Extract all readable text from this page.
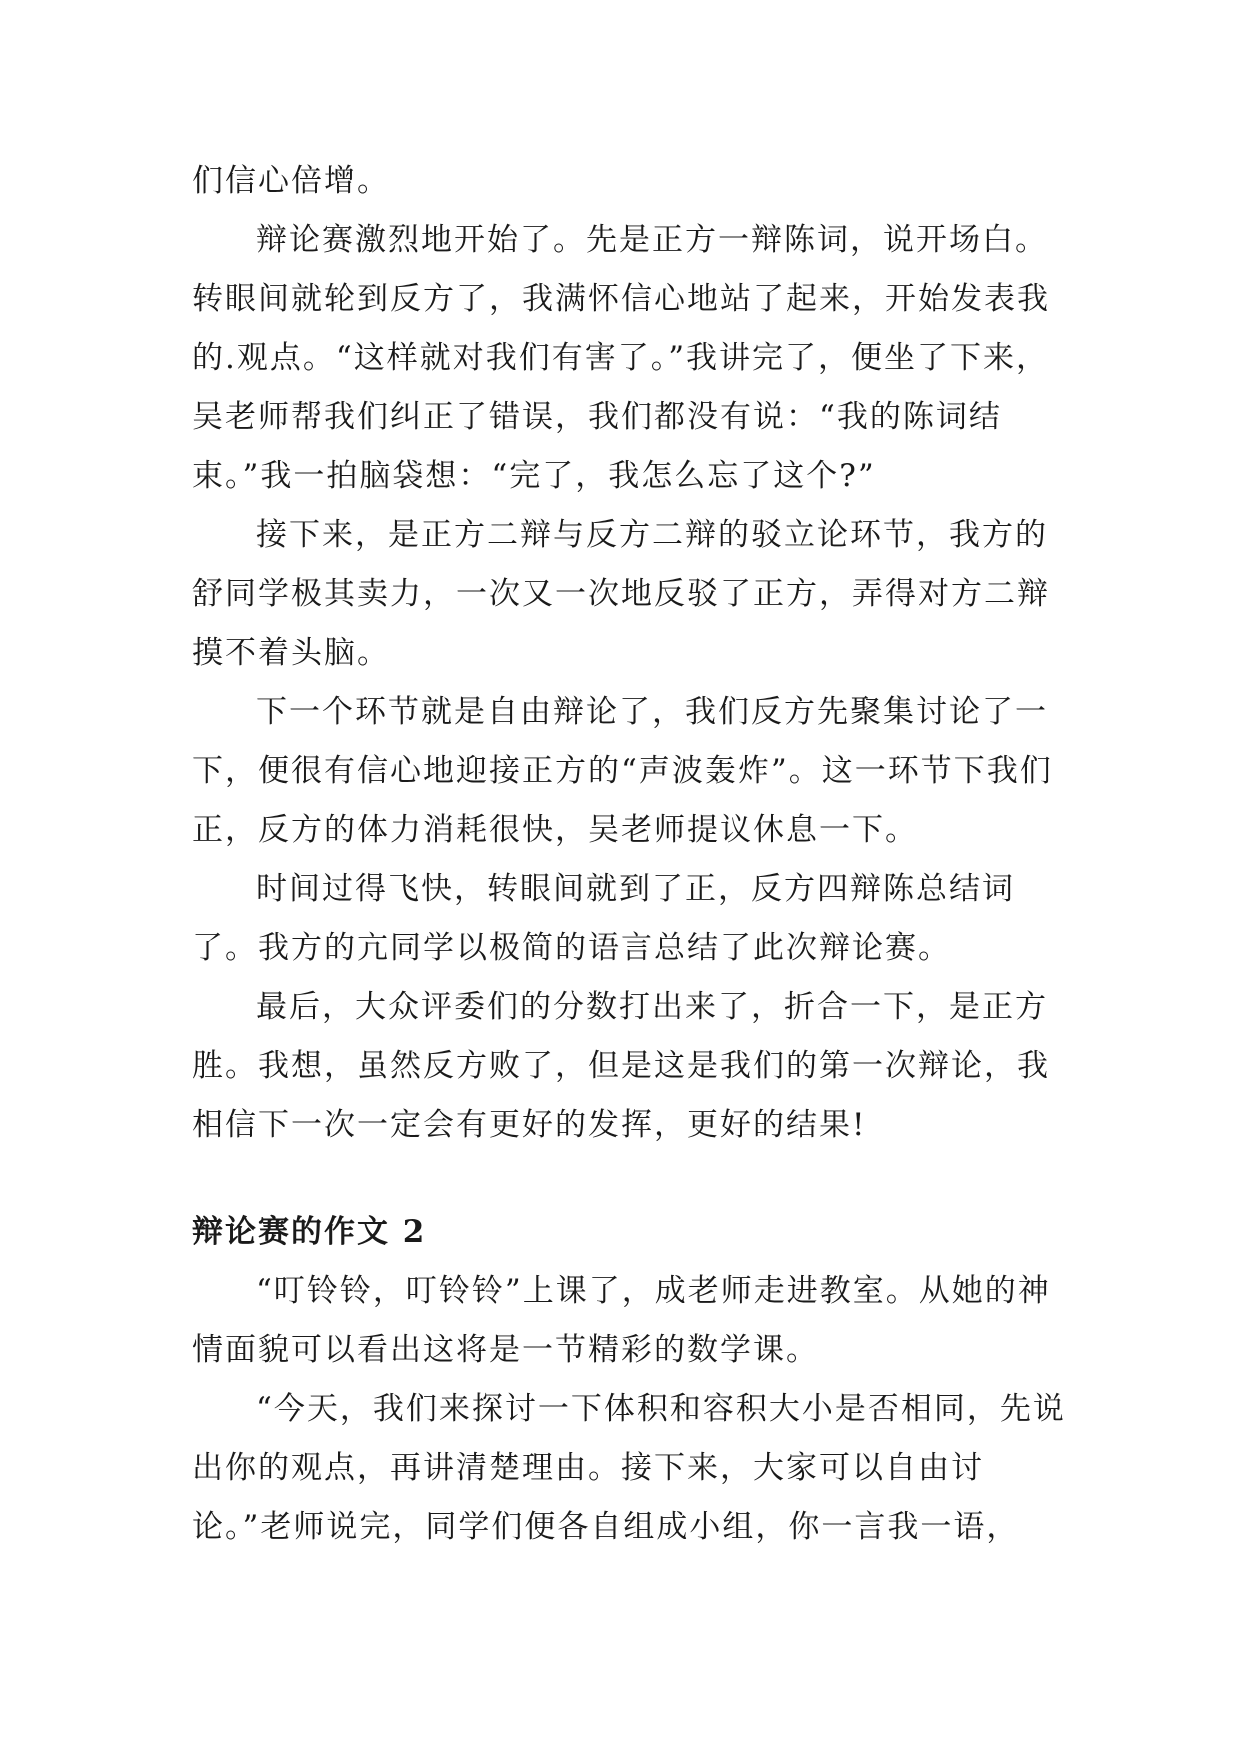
们信心倍增。

辩论赛激烈地开始了。先是正方一辩陈词，说开场白。转眼间就轮到反方了，我满怀信心地站了起来，开始发表我的.观点。“这样就对我们有害了。”我讲完了，便坐了下来，吴老师帮我们纠正了错误，我们都没有说：“我的陈词结束。”我一拍脑袋想：“完了，我怎么忘了这个?”

接下来，是正方二辩与反方二辩的驳立论环节，我方的舒同学极其卖力，一次又一次地反驳了正方，弄得对方二辩摸不着头脑。

下一个环节就是自由辩论了，我们反方先聚集讨论了一下，便很有信心地迎接正方的“声波轰炸”。这一环节下我们正，反方的体力消耗很快，吴老师提议休息一下。

时间过得飞快，转眼间就到了正，反方四辩陈总结词了。我方的亢同学以极简的语言总结了此次辩论赛。

最后，大众评委们的分数打出来了，折合一下，是正方胜。我想，虽然反方败了，但是这是我们的第一次辩论，我相信下一次一定会有更好的发挥，更好的结果!

辩论赛的作文 2

“叮铃铃，叮铃铃”上课了，成老师走进教室。从她的神情面貌可以看出这将是一节精彩的数学课。

“今天，我们来探讨一下体积和容积大小是否相同，先说出你的观点，再讲清楚理由。接下来，大家可以自由讨论。”老师说完，同学们便各自组成小组，你一言我一语，
